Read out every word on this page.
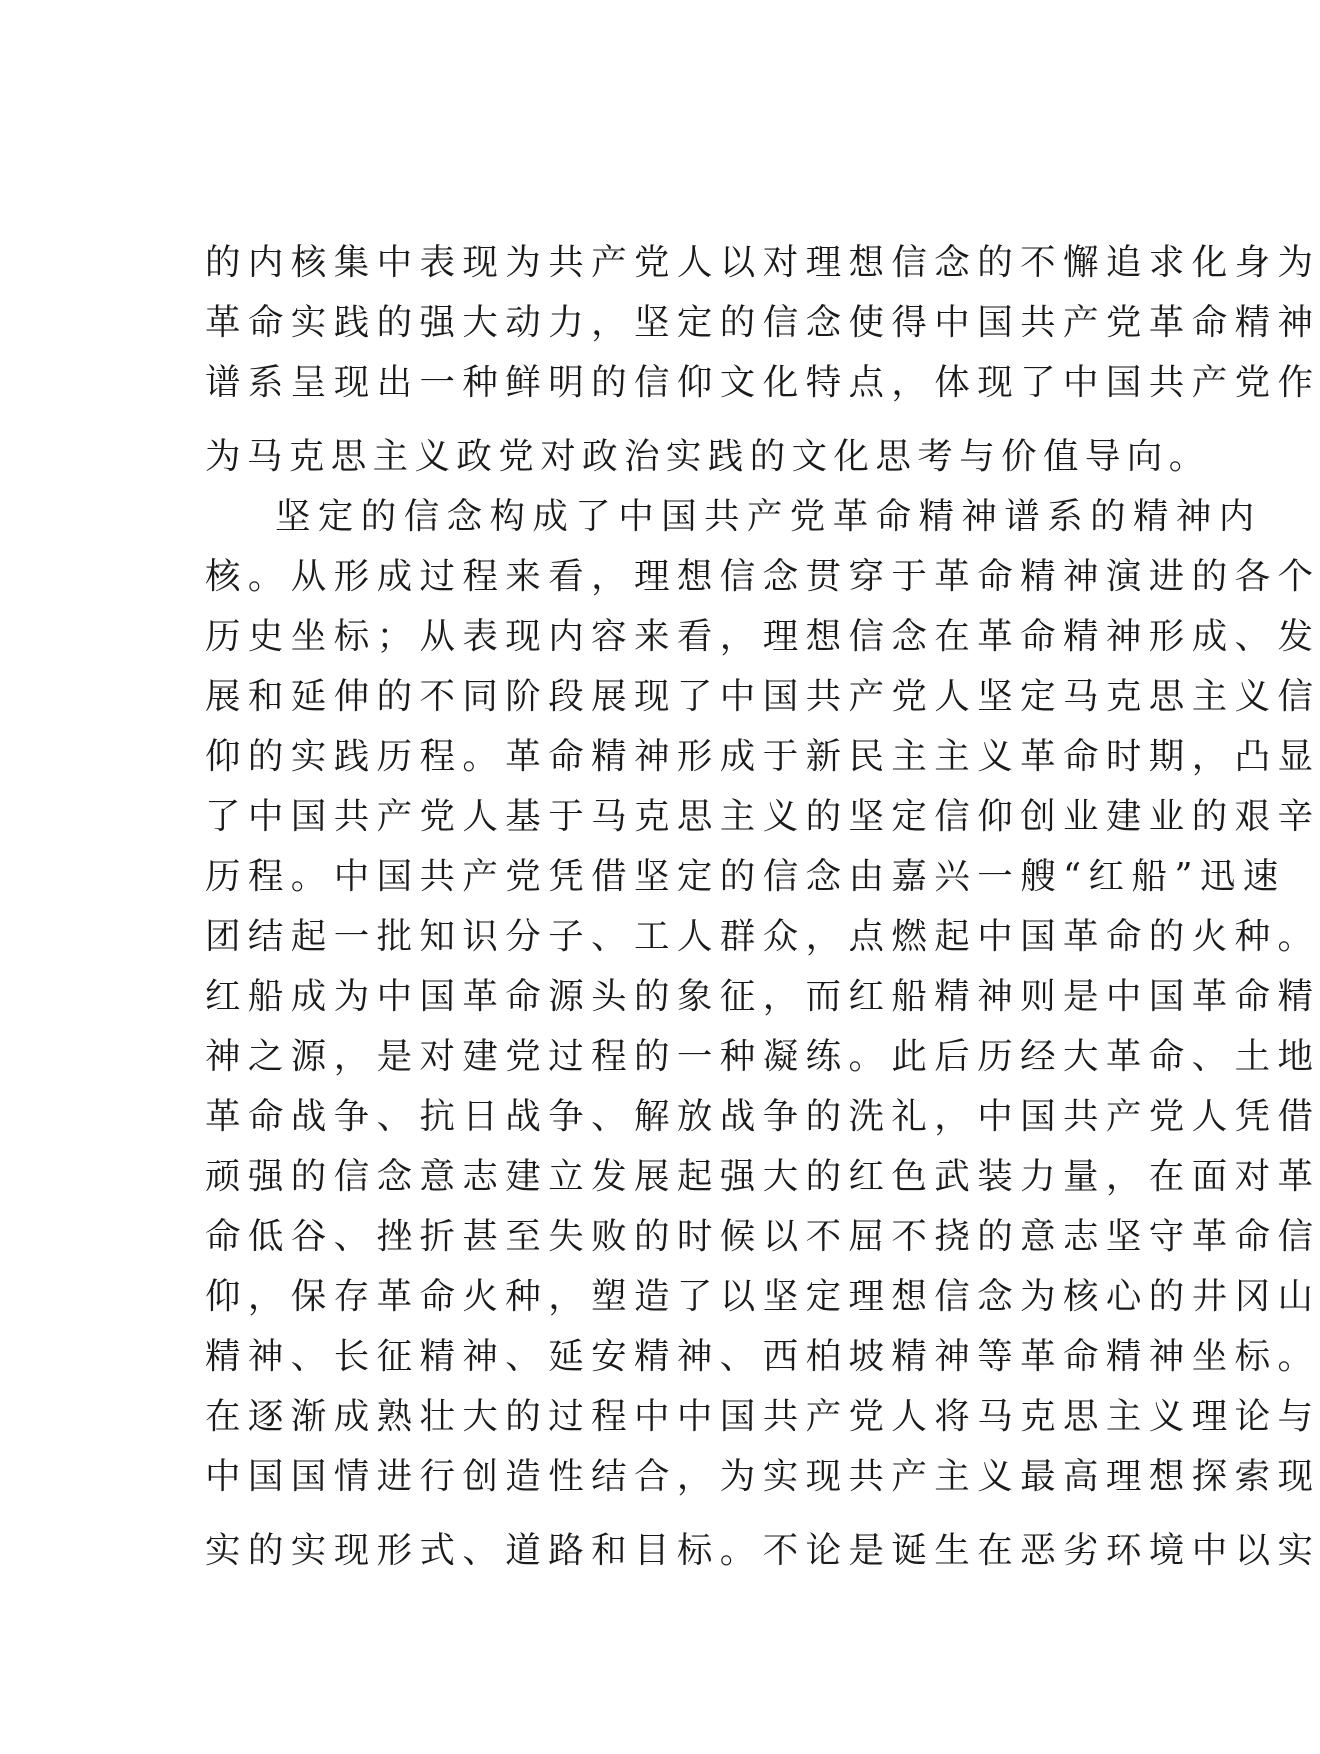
的内核集中表现为共产党人以对理想信念的不懈追求化身为
革命实践的强大动力，坚定的信念使得中国共产党革命精神
谱系呈现出一种鲜明的信仰文化特点，体现了中国共产党作
为马克思主义政党对政治实践的文化思考与价值导向。
坚定的信念构成了中国共产党革命精神谱系的精神内
核。从形成过程来看，理想信念贯穿于革命精神演进的各个
历史坐标；从表现内容来看，理想信念在革命精神形成、发
展和延伸的不同阶段展现了中国共产党人坚定马克思主义信
仰的实践历程。革命精神形成于新民主主义革命时期，凸显
了中国共产党人基于马克思主义的坚定信仰创业建业的艰辛
历程。中国共产党凭借坚定的信念由嘉兴一艘“红船”迅速
团结起一批知识分子、工人群众，点燃起中国革命的火种。
红船成为中国革命源头的象征，而红船精神则是中国革命精
神之源，是对建党过程的一种凝练。此后历经大革命、土地
革命战争、抗日战争、解放战争的洗礼，中国共产党人凭借
顽强的信念意志建立发展起强大的红色武装力量，在面对革
命低谷、挫折甚至失败的时候以不屈不挠的意志坚守革命信
仰，保存革命火种，塑造了以坚定理想信念为核心的井冈山
精神、长征精神、延安精神、西柏坡精神等革命精神坐标。
在逐渐成熟壮大的过程中中国共产党人将马克思主义理论与
中国国情进行创造性结合，为实现共产主义最高理想探索现
实的实现形式、道路和目标。不论是诞生在恶劣环境中以实
